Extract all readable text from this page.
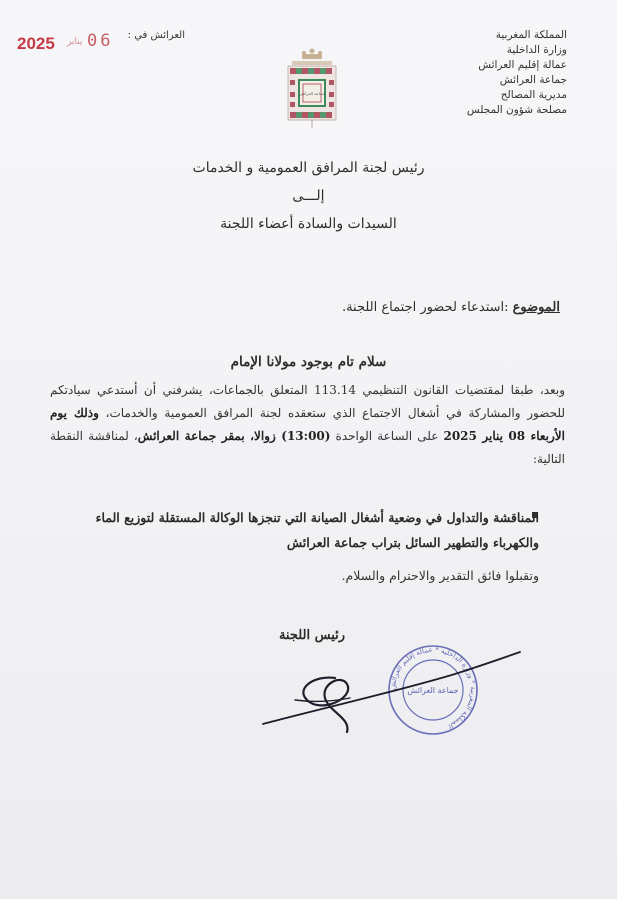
المملكة المغربية
وزارة الداخلية
عمالة إقليم العرائش
جماعة العرائش
مديرية المصالح
مصلحة شؤون المجلس
العرائش في :
06
يناير
2025
جماعة العرائش
رئيس لجنة المرافق العمومية و الخدمات
إلـــى
السيدات والسادة أعضاء اللجنة
الموضوع :استدعاء لحضور اجتماع اللجنة.
سلام تام بوجود مولانا الإمام
وبعد، طبقا لمقتضيات القانون التنظيمي 113.14 المتعلق بالجماعات، يشرفني أن أستدعي سيادتكم للحضور والمشاركة في أشغال الاجتماع الذي ستعقده لجنة المرافق العمومية والخدمات، وذلك يوم الأربعاء 08 يناير 2025 على الساعة الواحدة (13:00) زوالا، بمقر جماعة العرائش، لمناقشة النقطة التالية:
المناقشة والتداول في وضعية أشغال الصيانة التي تنجزها الوكالة المستقلة لتوزيع الماء والكهرباء والتطهير السائل بتراب جماعة العرائش
وتقبلوا فائق التقدير والاحترام والسلام.
رئيس اللجنة
المملكة المغربية * وزارة الداخلية * عمالة إقليم العرائش
جماعة العرائش
